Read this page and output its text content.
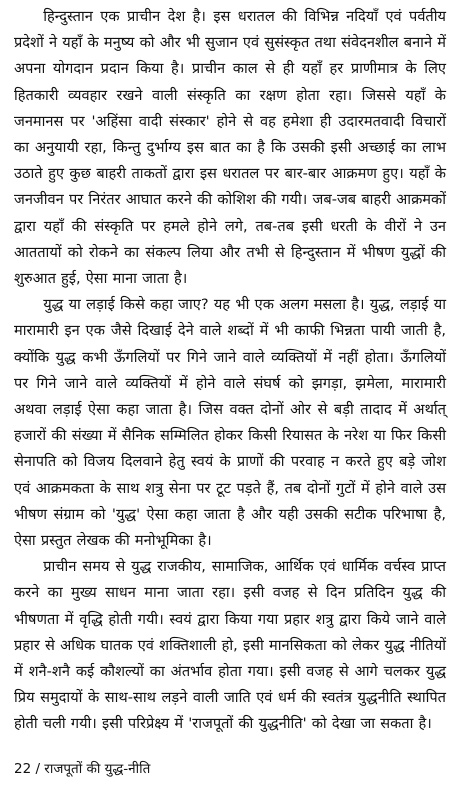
हिन्दुस्तान एक प्राचीन देश है। इस धरातल की विभिन्न नदियाँ एवं पर्वतीय प्रदेशों ने यहाँ के मनुष्य को और भी सुजान एवं सुसंस्कृत तथा संवेदनशील बनाने में अपना योगदान प्रदान किया है। प्राचीन काल से ही यहाँ हर प्राणीमात्र के लिए हितकारी व्यवहार रखने वाली संस्कृति का रक्षण होता रहा। जिससे यहाँ के जनमानस पर 'अहिंसा वादी संस्कार' होने से वह हमेशा ही उदारमतवादी विचारों का अनुयायी रहा, किन्तु दुर्भाग्य इस बात का है कि उसकी इसी अच्छाई का लाभ उठाते हुए कुछ बाहरी ताकतों द्वारा इस धरातल पर बार-बार आक्रमण हुए। यहाँ के जनजीवन पर निरंतर आघात करने की कोशिश की गयी। जब-जब बाहरी आक्रमकों द्वारा यहाँ की संस्कृति पर हमले होने लगे, तब-तब इसी धरती के वीरों ने उन आततायों को रोकने का संकल्प लिया और तभी से हिन्दुस्तान में भीषण युद्धों की शुरुआत हुई, ऐसा माना जाता है।

युद्ध या लड़ाई किसे कहा जाए? यह भी एक अलग मसला है। युद्ध, लड़ाई या मारामारी इन एक जैसे दिखाई देने वाले शब्दों में भी काफी भिन्नता पायी जाती है, क्योंकि युद्ध कभी ऊँगलियों पर गिने जाने वाले व्यक्तियों में नहीं होता। ऊँगलियों पर गिने जाने वाले व्यक्तियों में होने वाले संघर्ष को झगड़ा, झमेला, मारामारी अथवा लड़ाई ऐसा कहा जाता है। जिस वक्त दोनों ओर से बड़ी तादाद में अर्थात् हजारों की संख्या में सैनिक सम्मिलित होकर किसी रियासत के नरेश या फिर किसी सेनापति को विजय दिलवाने हेतु स्वयं के प्राणों की परवाह न करते हुए बड़े जोश एवं आक्रमकता के साथ शत्रु सेना पर टूट पड़ते हैं, तब दोनों गुटों में होने वाले उस भीषण संग्राम को 'युद्ध' ऐसा कहा जाता है और यही उसकी सटीक परिभाषा है, ऐसा प्रस्तुत लेखक की मनोभूमिका है।

प्राचीन समय से युद्ध राजकीय, सामाजिक, आर्थिक एवं धार्मिक वर्चस्व प्राप्त करने का मुख्य साधन माना जाता रहा। इसी वजह से दिन प्रतिदिन युद्ध की भीषणता में वृद्धि होती गयी। स्वयं द्वारा किया गया प्रहार शत्रु द्वारा किये जाने वाले प्रहार से अधिक घातक एवं शक्तिशाली हो, इसी मानसिकता को लेकर युद्ध नीतियों में शनै-शनै कई कौशल्यों का अंतर्भाव होता गया। इसी वजह से आगे चलकर युद्ध प्रिय समुदायों के साथ-साथ लड़ने वाली जाति एवं धर्म की स्वतंत्र युद्धनीति स्थापित होती चली गयी। इसी परिप्रेक्ष्य में 'राजपूतों की युद्धनीति' को देखा जा सकता है।

22 / राजपूतों की युद्ध-नीति
